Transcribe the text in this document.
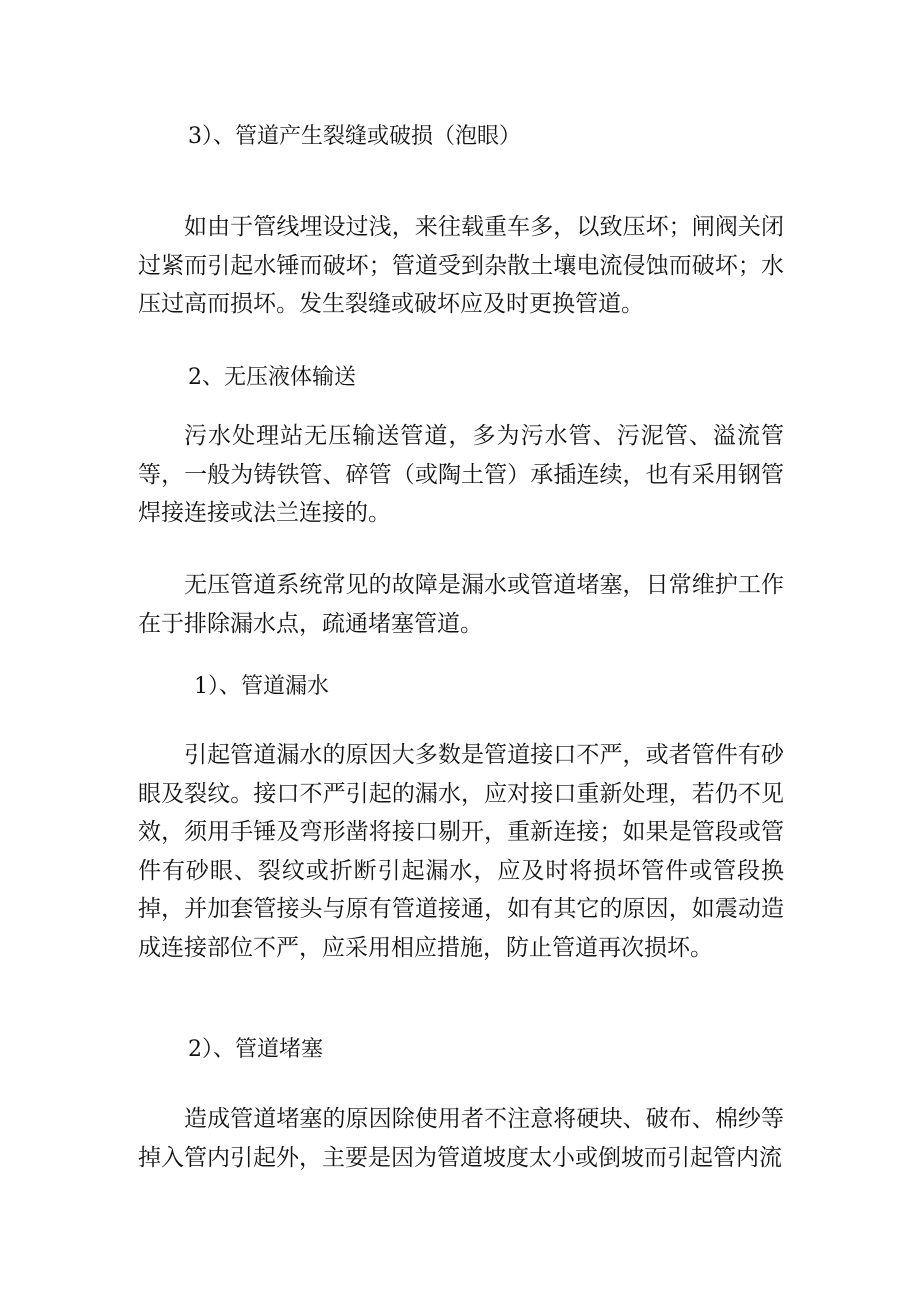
3）、管道产生裂缝或破损（泡眼）

如由于管线埋设过浅，来往载重车多，以致压坏；闸阀关闭过紧而引起水锤而破坏；管道受到杂散土壤电流侵蚀而破坏；水压过高而损坏。发生裂缝或破坏应及时更换管道。

2、无压液体输送

污水处理站无压输送管道，多为污水管、污泥管、溢流管等，一般为铸铁管、碎管（或陶土管）承插连续，也有采用钢管焊接连接或法兰连接的。

无压管道系统常见的故障是漏水或管道堵塞，日常维护工作在于排除漏水点，疏通堵塞管道。

1）、管道漏水

引起管道漏水的原因大多数是管道接口不严，或者管件有砂眼及裂纹。接口不严引起的漏水，应对接口重新处理，若仍不见效，须用手锤及弯形凿将接口剔开，重新连接；如果是管段或管件有砂眼、裂纹或折断引起漏水，应及时将损坏管件或管段换掉，并加套管接头与原有管道接通，如有其它的原因，如震动造成连接部位不严，应采用相应措施，防止管道再次损坏。

2）、管道堵塞

造成管道堵塞的原因除使用者不注意将硬块、破布、棉纱等掉入管内引起外，主要是因为管道坡度太小或倒坡而引起管内流
